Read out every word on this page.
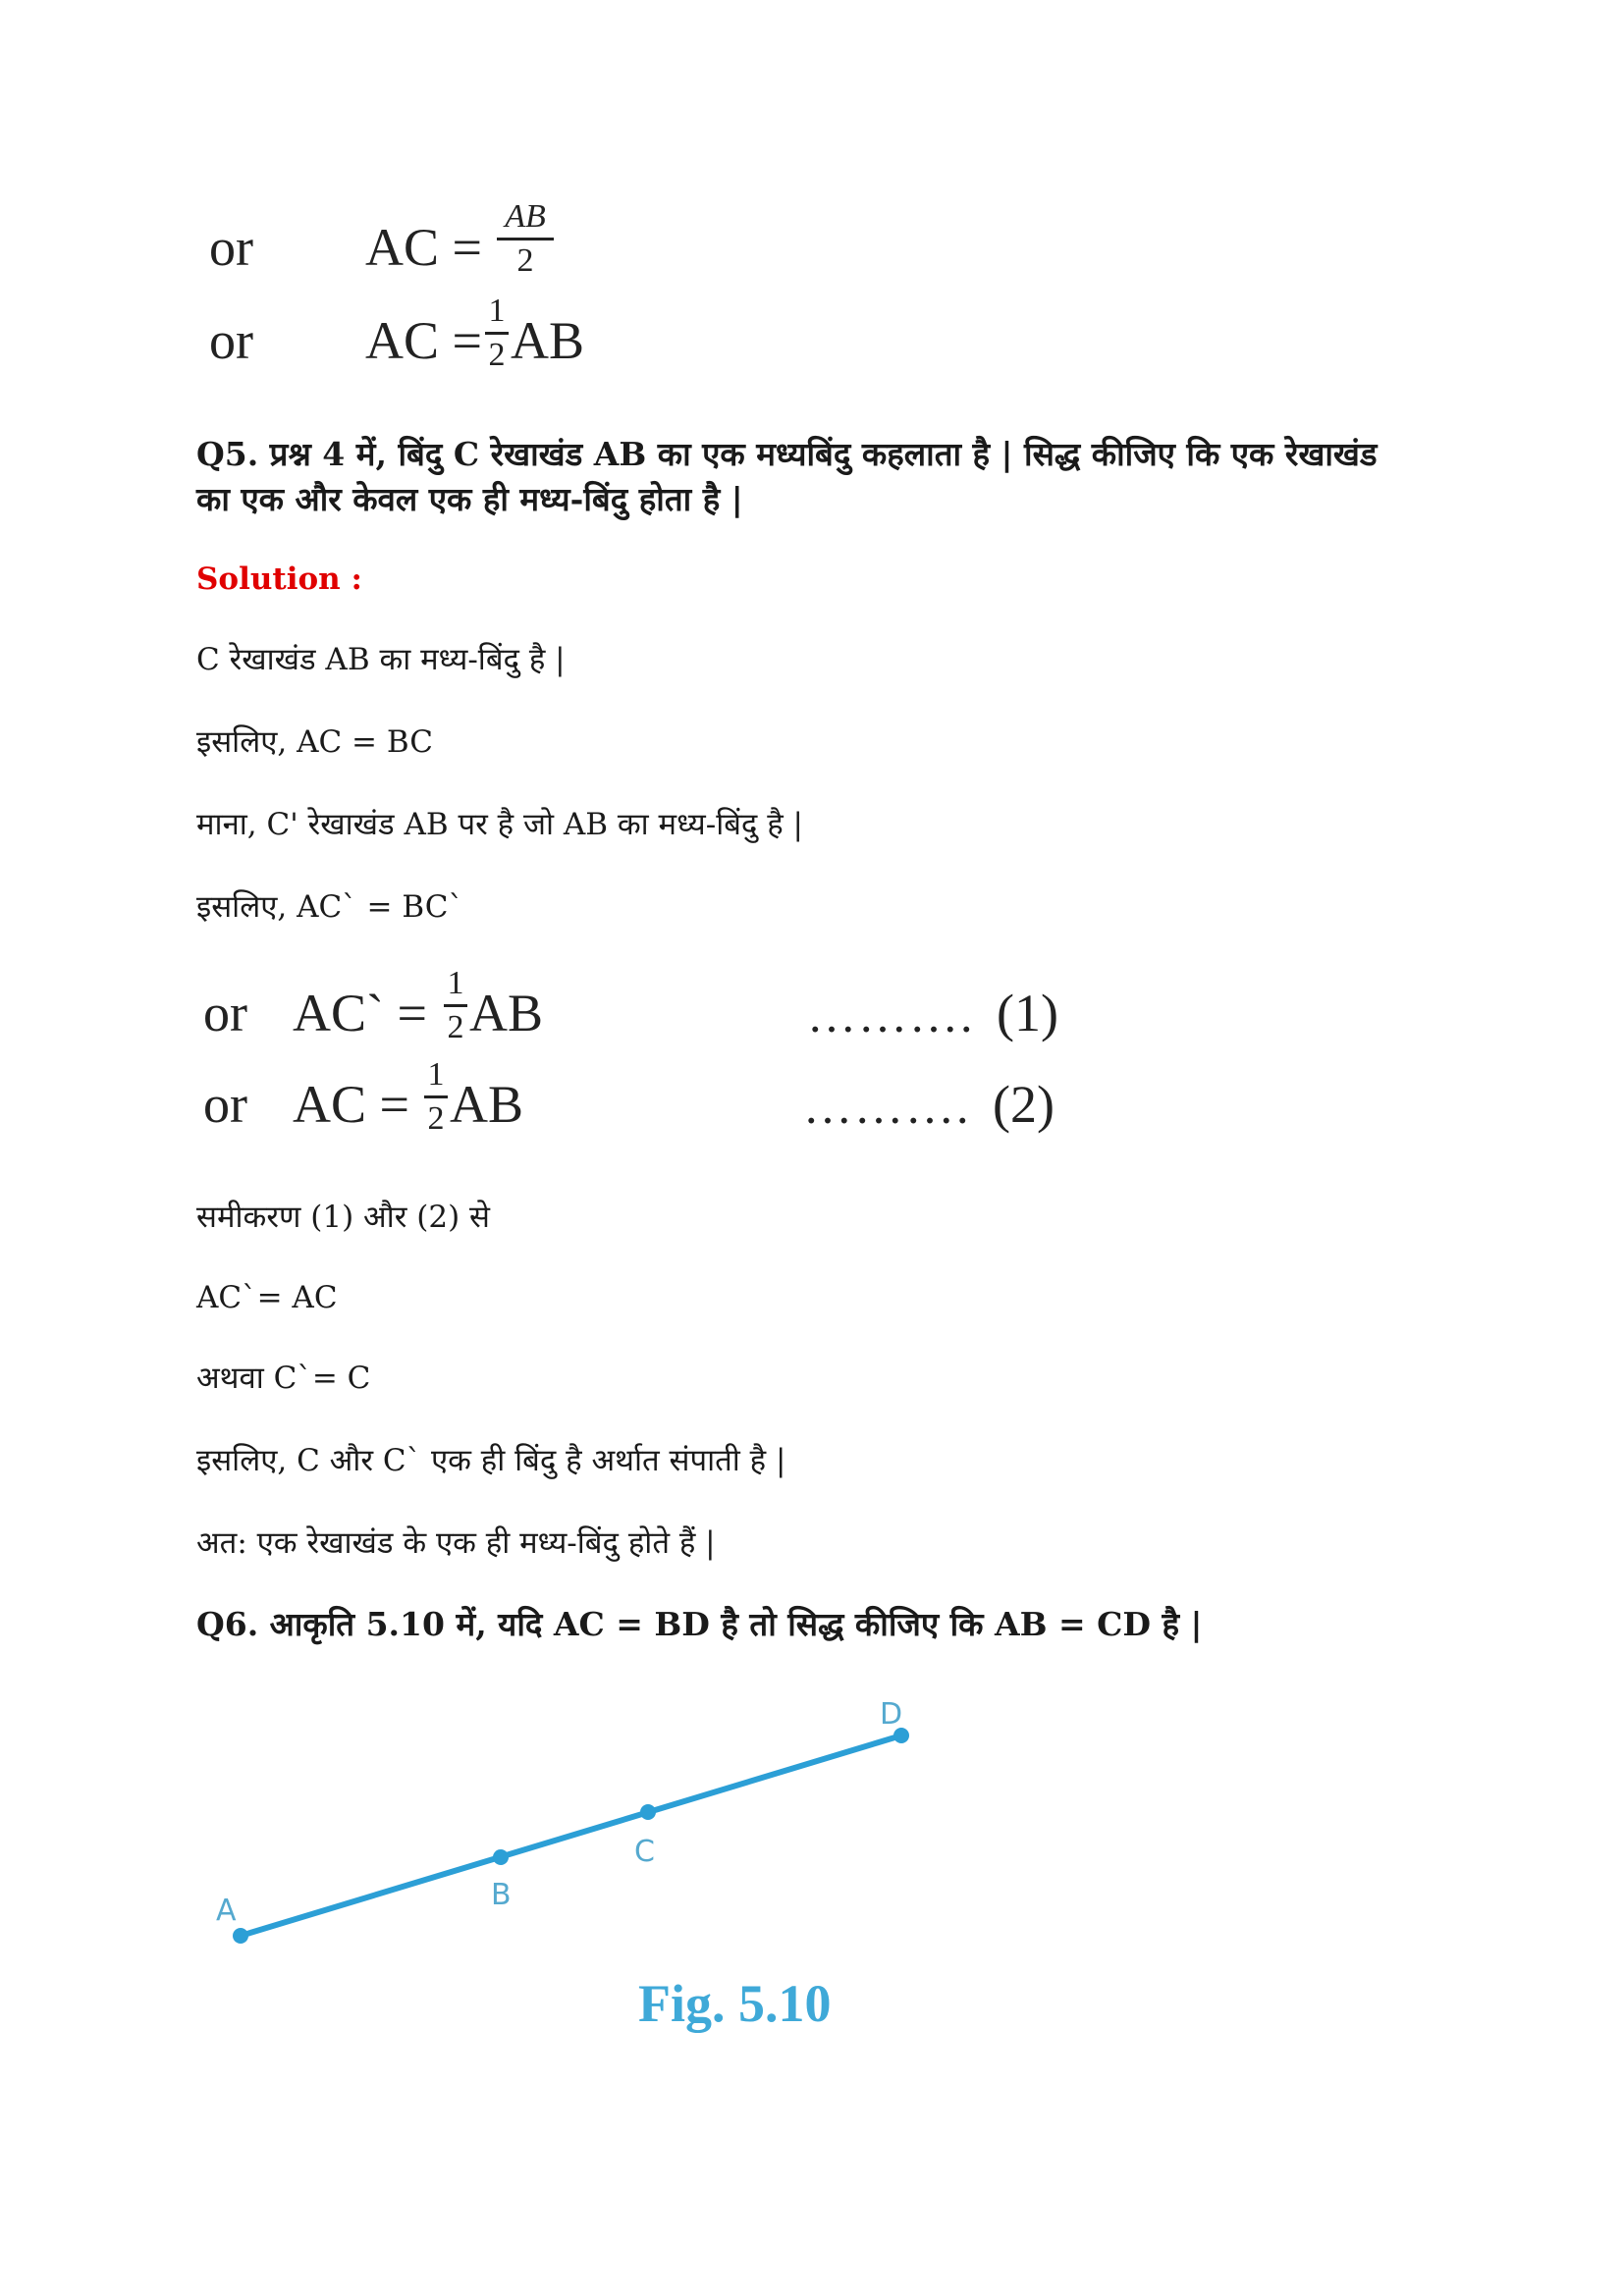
or AC =
AB
2
or AC =
1
2 AB
Q5. प्रश्न 4 में, बिंदु C रेखाखंड AB का एक मध्यबिंदु कहलाता है | सिद्ध कीजिए कि एक रेखाखंड
का एक और केवल एक ही मध्य-बिंदु होता है |
Solution :
C रेखाखंड AB का मध्य-बिंदु है |
इसलिए, AC = BC
माना, C' रेखाखंड AB पर है जो AB का मध्य-बिंदु है |
इसलिए, AC` = BC`
or AC` =
1
2 AB	………. (1)
or AC =
1
2 AB	………. (2)
समीकरण (1) और (2) से
AC`= AC
अथवा C`= C
इसलिए, C और C` एक ही बिंदु है अर्थात संपाती है |
अत: एक रेखाखंड के एक ही मध्य-बिंदु होते हैं |
Q6. आकृति 5.10 में, यदि AC = BD है तो सिद्ध कीजिए कि AB = CD है |
A	B
C
D
Fig. 5.10
